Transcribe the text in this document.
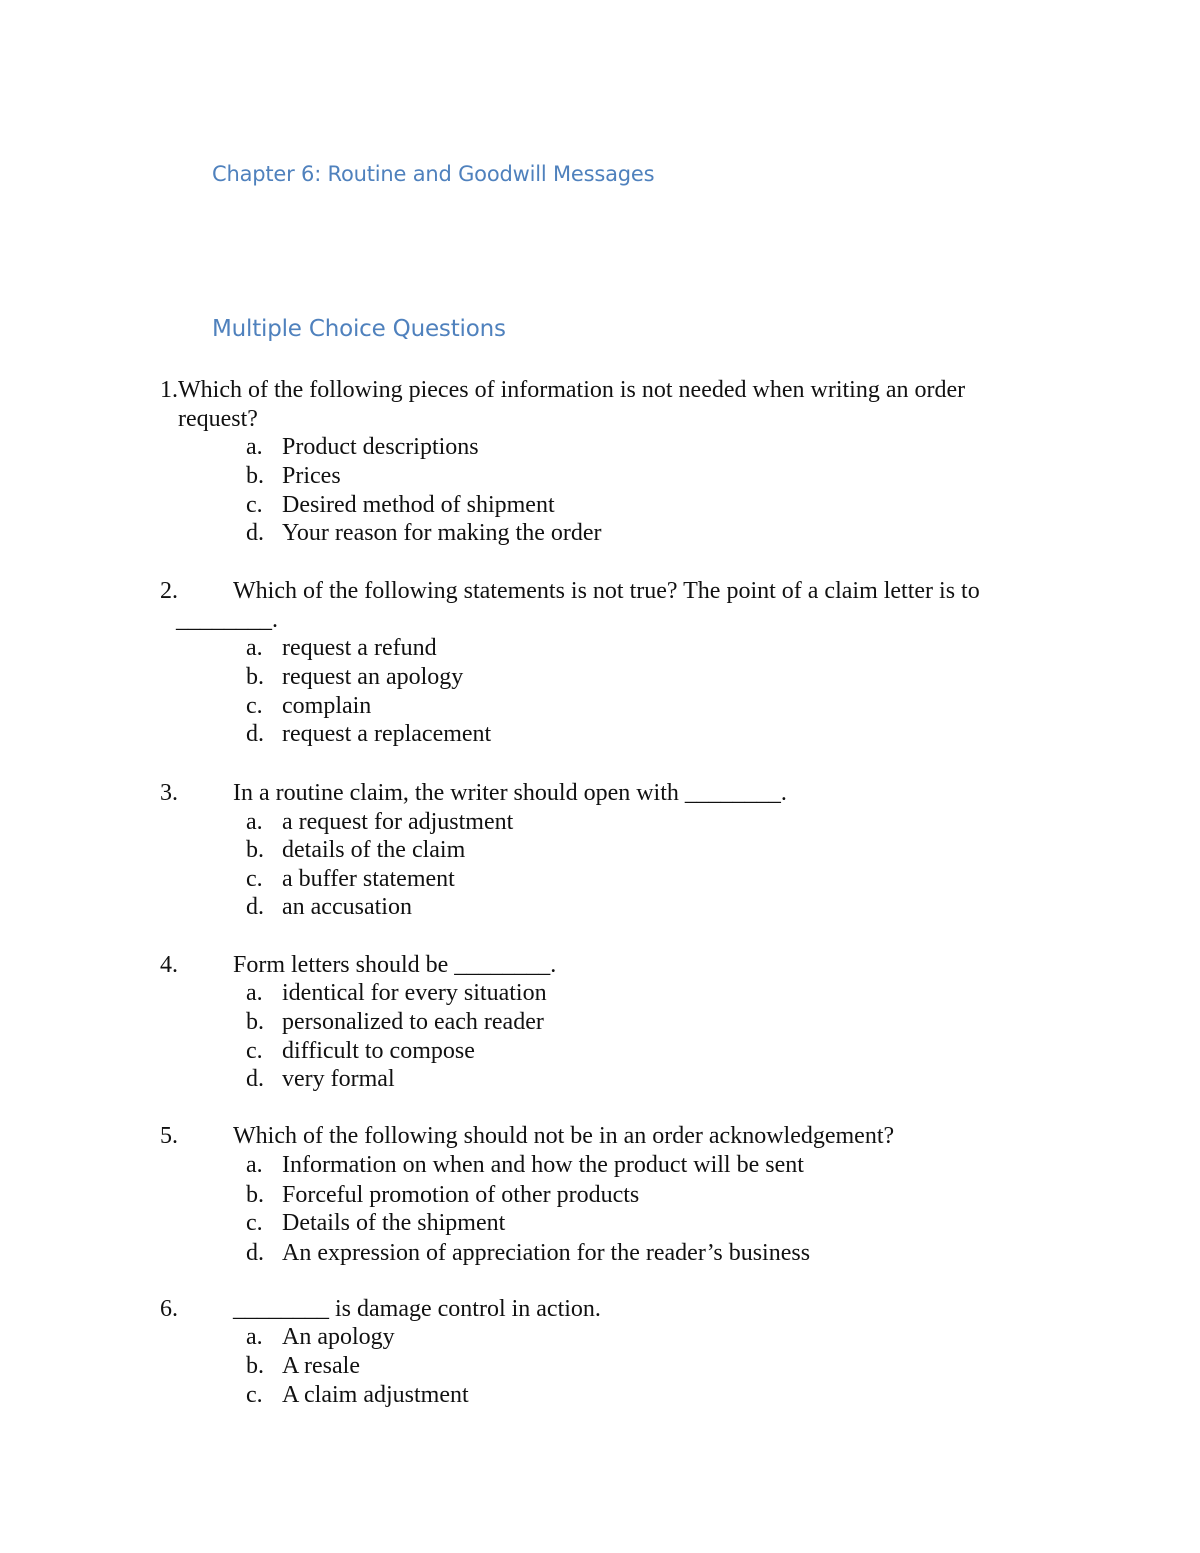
Chapter 6: Routine and Goodwill Messages
Multiple Choice Questions
1. Which of the following pieces of information is not needed when writing an order
request?
a. Product descriptions
b. Prices
c. Desired method of shipment
d. Your reason for making the order
2. Which of the following statements is not true? The point of a claim letter is to
________.
a. request a refund
b. request an apology
c. complain
d. request a replacement
3. In a routine claim, the writer should open with ________.
a. a request for adjustment
b. details of the claim
c. a buffer statement
d. an accusation
4. Form letters should be ________.
a. identical for every situation
b. personalized to each reader
c. difficult to compose
d. very formal
5. Which of the following should not be in an order acknowledgement?
a. Information on when and how the product will be sent
b. Forceful promotion of other products
c. Details of the shipment
d. An expression of appreciation for the reader’s business
6. ________ is damage control in action.
a. An apology
b. A resale
c. A claim adjustment
